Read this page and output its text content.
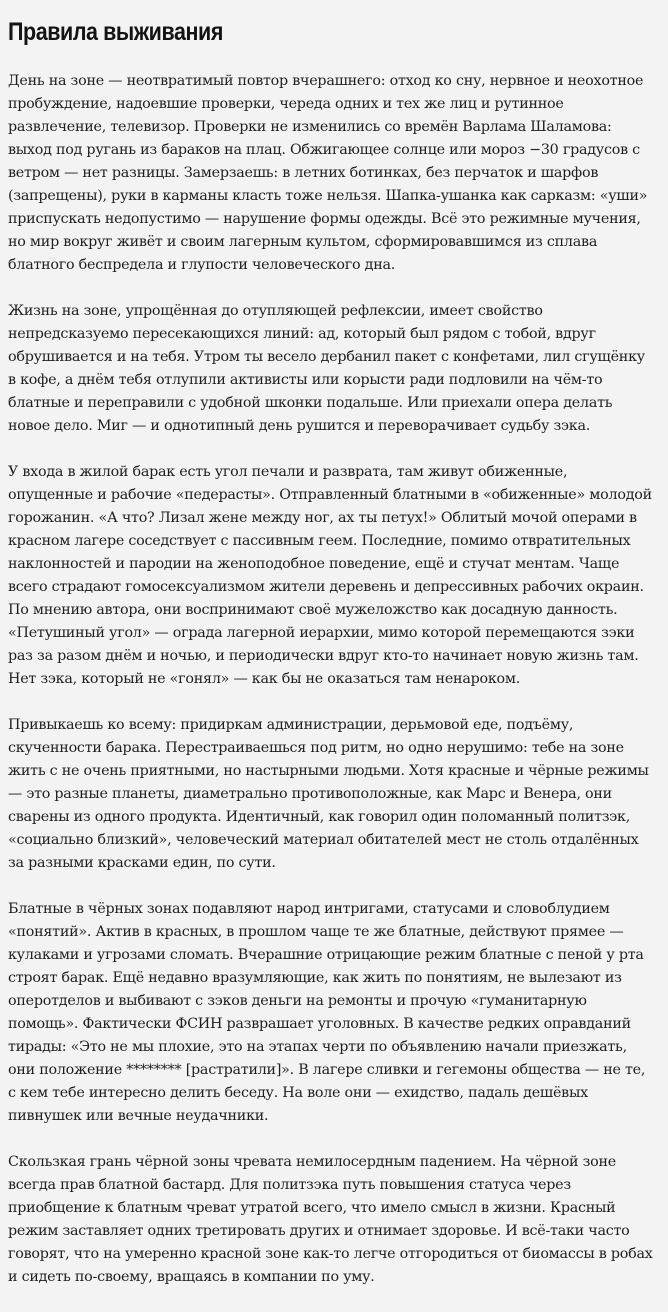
Правила выживания

День на зоне — неотвратимый повтор вчерашнего: отход ко сну, нервное и неохотное пробуждение, надоевшие проверки, череда одних и тех же лиц и рутинное развлечение, телевизор. Проверки не изменились со времён Варлама Шаламова: выход под ругань из бараков на плац. Обжигающее солнце или мороз −30 градусов с ветром — нет разницы. Замерзаешь: в летних ботинках, без перчаток и шарфов (запрещены), руки в карманы класть тоже нельзя. Шапка-ушанка как сарказм: «уши» приспускать недопустимо — нарушение формы одежды. Всё это режимные мучения, но мир вокруг живёт и своим лагерным культом, сформировавшимся из сплава блатного беспредела и глупости человеческого дна.

Жизнь на зоне, упрощённая до отупляющей рефлексии, имеет свойство непредсказуемо пересекающихся линий: ад, который был рядом с тобой, вдруг обрушивается и на тебя. Утром ты весело дербанил пакет с конфетами, лил сгущёнку в кофе, а днём тебя отлупили активисты или корысти ради подловили на чём-то блатные и переправили с удобной шконки подальше. Или приехали опера делать новое дело. Миг — и однотипный день рушится и переворачивает судьбу зэка.

У входа в жилой барак есть угол печали и разврата, там живут обиженные, опущенные и рабочие «педерасты». Отправленный блатными в «обиженные» молодой горожанин. «А что? Лизал жене между ног, ах ты петух!» Облитый мочой операми в красном лагере соседствует с пассивным геем. Последние, помимо отвратительных наклонностей и пародии на женоподобное поведение, ещё и стучат ментам. Чаще всего страдают гомосексуализмом жители деревень и депрессивных рабочих окраин. По мнению автора, они воспринимают своё мужеложство как досадную данность. «Петушиный угол» — ограда лагерной иерархии, мимо которой перемещаются зэки раз за разом днём и ночью, и периодически вдруг кто-то начинает новую жизнь там. Нет зэка, который не «гонял» — как бы не оказаться там ненароком.

Привыкаешь ко всему: придиркам администрации, дерьмовой еде, подъёму, скученности барака. Перестраиваешься под ритм, но одно нерушимо: тебе на зоне жить с не очень приятными, но настырными людьми. Хотя красные и чёрные режимы — это разные планеты, диаметрально противоположные, как Марс и Венера, они сварены из одного продукта. Идентичный, как говорил один поломанный политзэк, «социально близкий», человеческий материал обитателей мест не столь отдалённых за разными красками един, по сути.

Блатные в чёрных зонах подавляют народ интригами, статусами и словоблудием «понятий». Актив в красных, в прошлом чаще те же блатные, действуют прямее — кулаками и угрозами сломать. Вчерашние отрицающие режим блатные с пеной у рта строят барак. Ещё недавно вразумляющие, как жить по понятиям, не вылезают из оперотделов и выбивают с зэков деньги на ремонты и прочую «гуманитарную помощь». Фактически ФСИН разврашает уголовных. В качестве редких оправданий тирады: «Это не мы плохие, это на этапах черти по объявлению начали приезжать, они положение ******** [растратили]». В лагере сливки и гегемоны общества — не те, с кем тебе интересно делить беседу. На воле они — ехидство, падаль дешёвых пивнушек или вечные неудачники.

Скользкая грань чёрной зоны чревата немилосердным падением. На чёрной зоне всегда прав блатной бастард. Для политзэка путь повышения статуса через приобщение к блатным чреват утратой всего, что имело смысл в жизни. Красный режим заставляет одних третировать других и отнимает здоровье. И всё-таки часто говорят, что на умеренно красной зоне как-то легче отгородиться от биомассы в робах и сидеть по-своему, вращаясь в компании по уму.
